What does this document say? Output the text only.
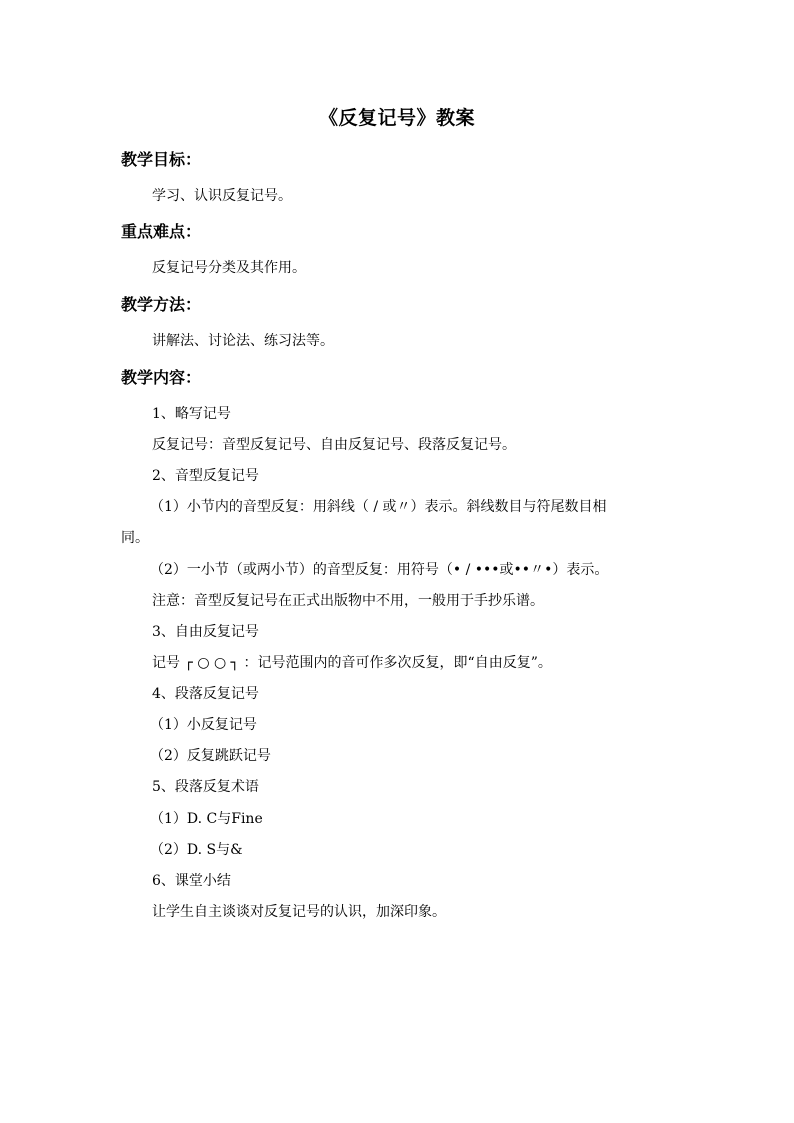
《反复记号》教案
教学目标：
学习、认识反复记号。
重点难点：
反复记号分类及其作用。
教学方法：
讲解法、讨论法、练习法等。
教学内容：
1、略写记号
反复记号：音型反复记号、自由反复记号、段落反复记号。
2、音型反复记号
（1）小节内的音型反复：用斜线（ / 或〃）表示。斜线数目与符尾数目相
同。
（2）一小节（或两小节）的音型反复：用符号（• / •••或••〃•）表示。
注意：音型反复记号在正式出版物中不用，一般用于手抄乐谱。
3、自由反复记号
记号 ┌ ○ ○ ┐ ：记号范围内的音可作多次反复，即“自由反复”。
4、段落反复记号
（1）小反复记号
（2）反复跳跃记号
5、段落反复术语
（1）D. C与Fine
（2）D. S与&
6、课堂小结
让学生自主谈谈对反复记号的认识，加深印象。
